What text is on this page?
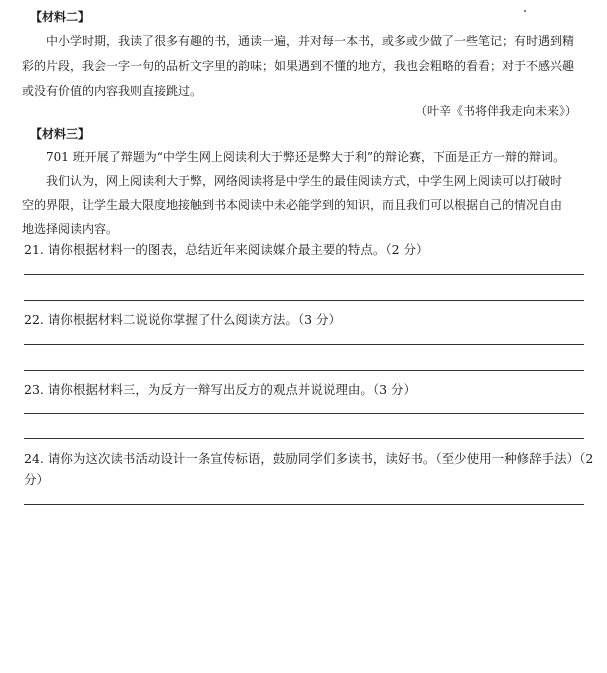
【材料二】
中小学时期，我读了很多有趣的书，通读一遍，并对每一本书，或多或少做了一些笔记；有时遇到精
彩的片段，我会一字一句的品析文字里的韵味；如果遇到不懂的地方，我也会粗略的看看；对于不感兴趣
或没有价值的内容我则直接跳过。
（叶辛《书将伴我走向未来》）
【材料三】
701 班开展了辩题为“中学生网上阅读利大于弊还是弊大于利”的辩论赛，下面是正方一辩的辩词。
我们认为，网上阅读利大于弊，网络阅读将是中学生的最佳阅读方式，中学生网上阅读可以打破时
空的界限，让学生最大限度地接触到书本阅读中未必能学到的知识，而且我们可以根据自己的情况自由
地选择阅读内容。
21. 请你根据材料一的图表，总结近年来阅读媒介最主要的特点。（2 分）
22. 请你根据材料二说说你掌握了什么阅读方法。（3 分）
23. 请你根据材料三，为反方一辩写出反方的观点并说说理由。（3 分）
24. 请你为这次读书活动设计一条宣传标语，鼓励同学们多读书，读好书。（至少使用一种修辞手法）（2
分）
